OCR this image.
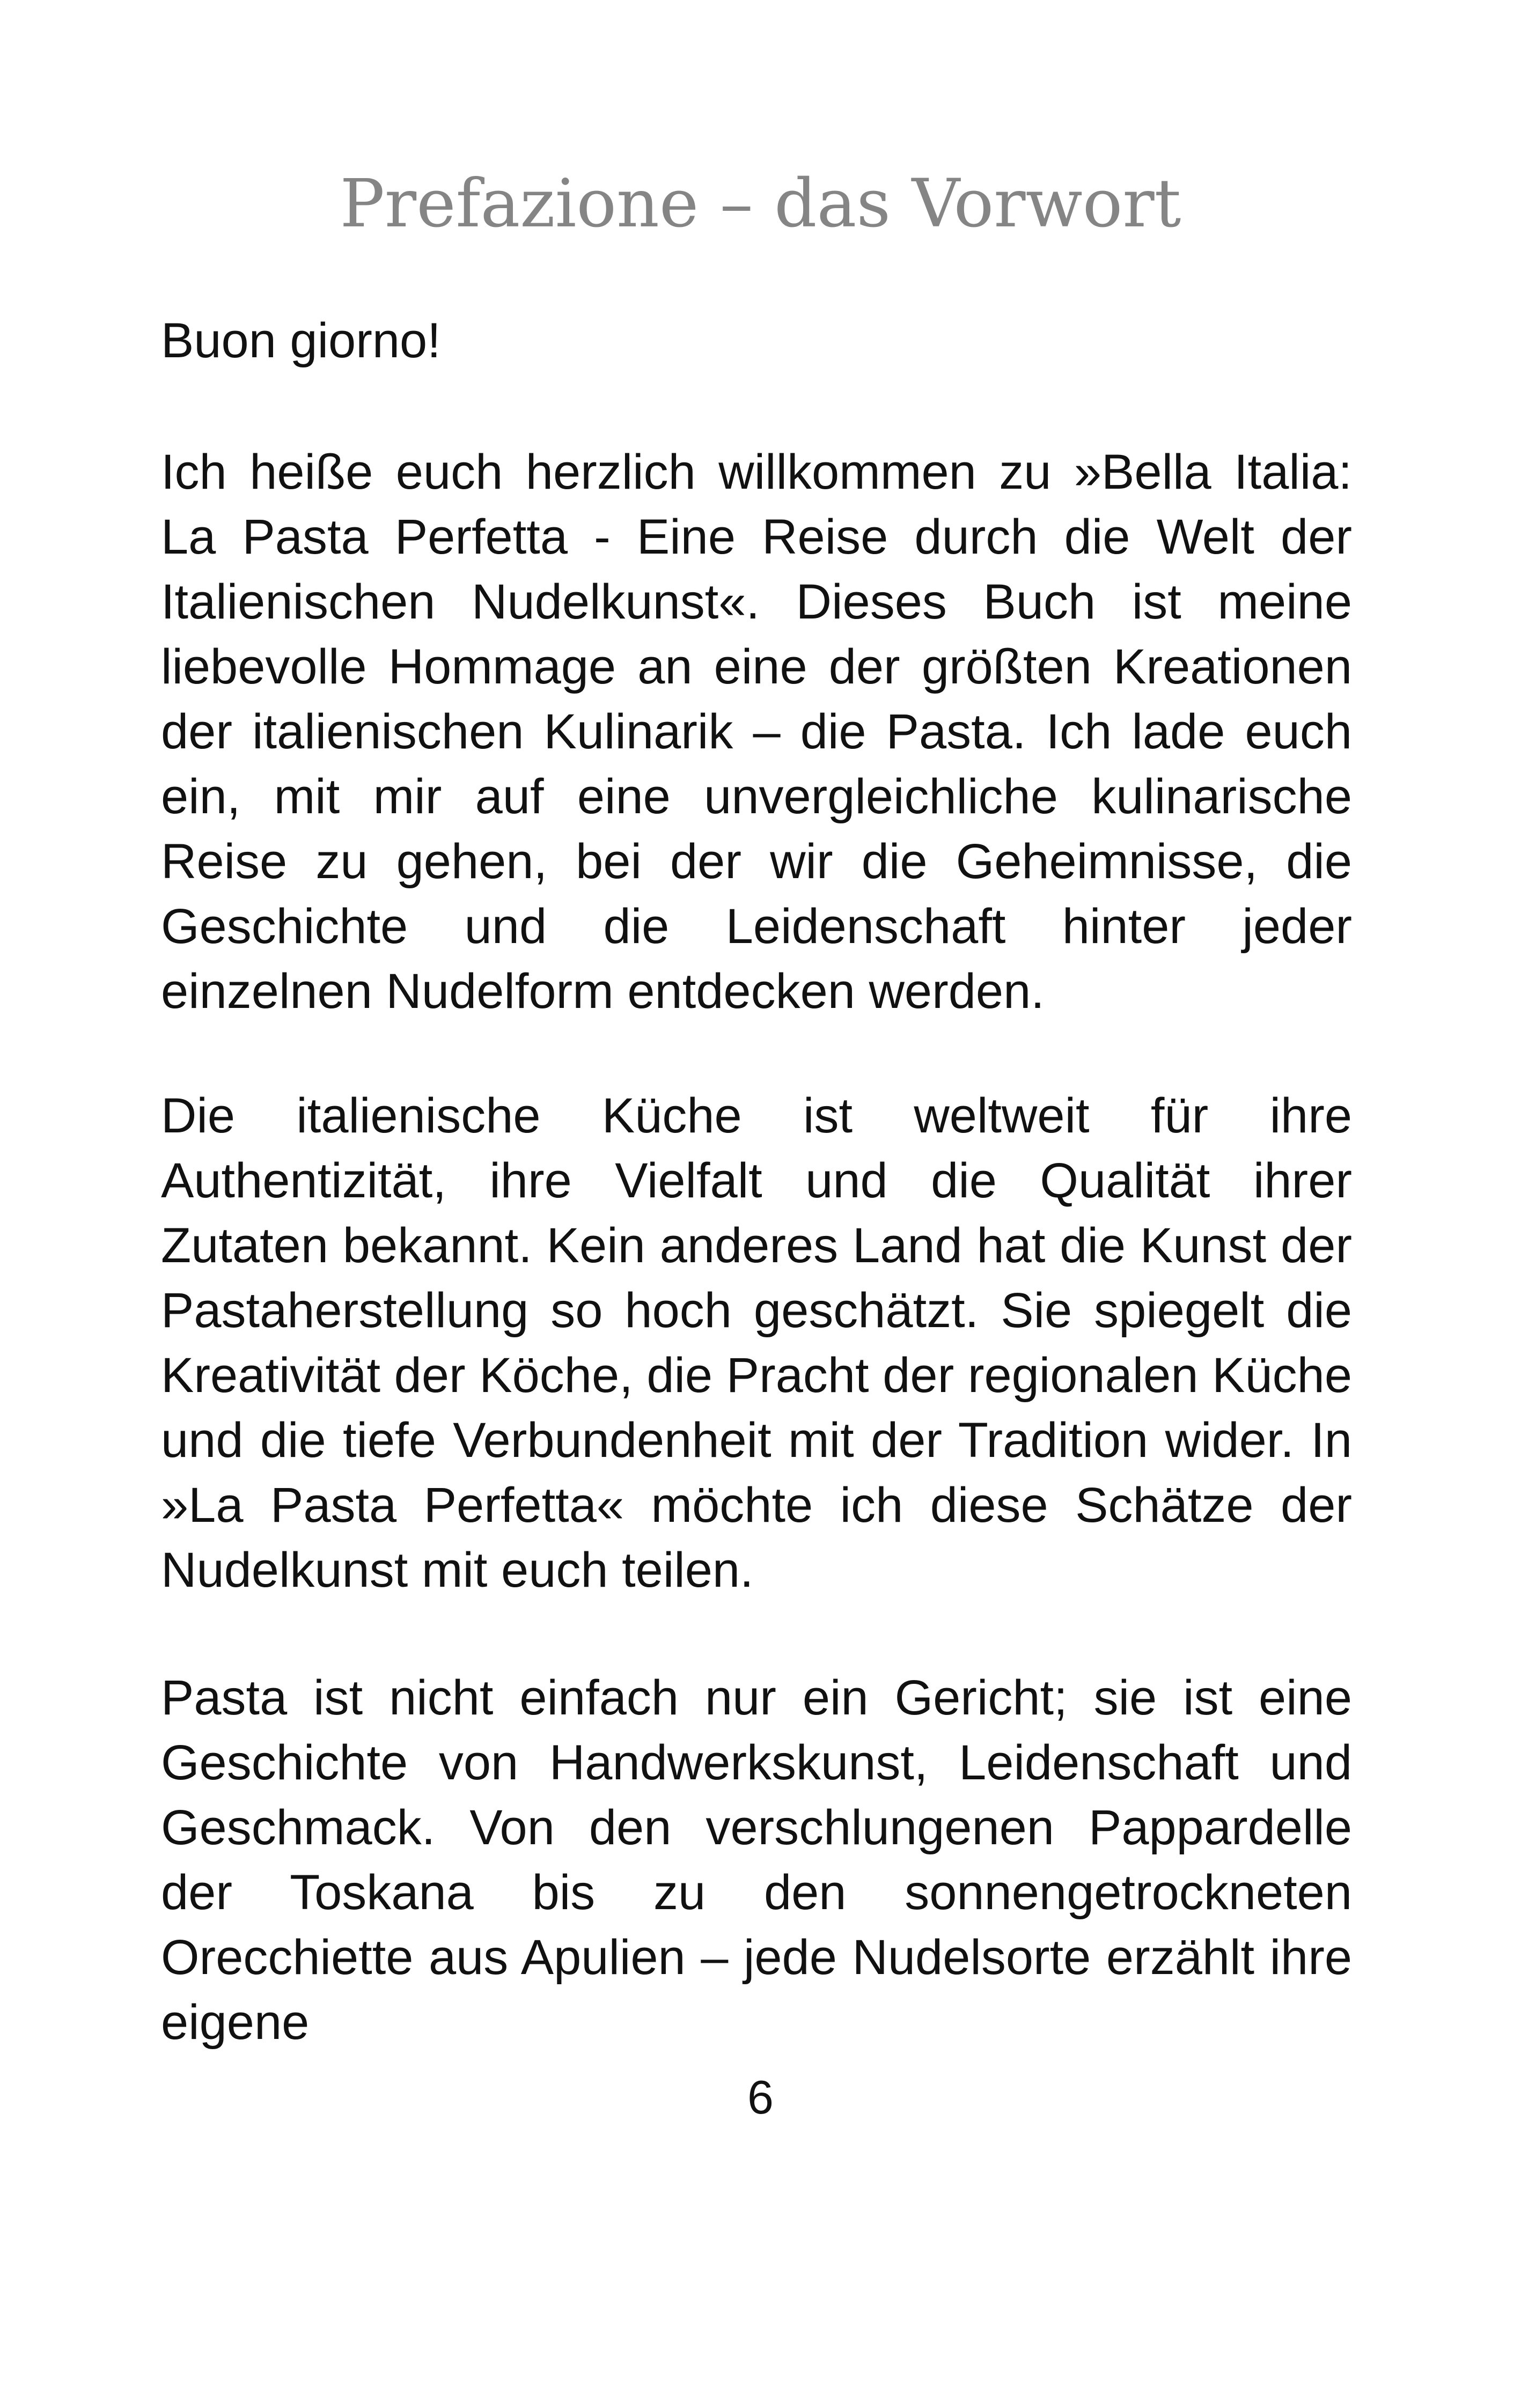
Prefazione – das Vorwort

Buon giorno!

Ich heiße euch herzlich willkommen zu »Bella Italia: La Pasta Perfetta - Eine Reise durch die Welt der Italienischen Nudelkunst«. Dieses Buch ist meine liebevolle Hommage an eine der größten Kreationen der italienischen Kulinarik – die Pasta. Ich lade euch ein, mit mir auf eine unvergleichliche kulinarische Reise zu gehen, bei der wir die Geheimnisse, die Geschichte und die Leidenschaft hinter jeder einzelnen Nudelform entdecken werden.

Die italienische Küche ist weltweit für ihre Authentizität, ihre Vielfalt und die Qualität ihrer Zutaten bekannt. Kein anderes Land hat die Kunst der Pastaherstellung so hoch geschätzt. Sie spiegelt die Kreativität der Köche, die Pracht der regionalen Küche und die tiefe Verbundenheit mit der Tradition wider. In »La Pasta Perfetta« möchte ich diese Schätze der Nudelkunst mit euch teilen.

Pasta ist nicht einfach nur ein Gericht; sie ist eine Geschichte von Handwerkskunst, Leidenschaft und Geschmack. Von den verschlungenen Pappardelle der Toskana bis zu den sonnengetrockneten Orecchiette aus Apulien – jede Nudelsorte erzählt ihre eigene

6
